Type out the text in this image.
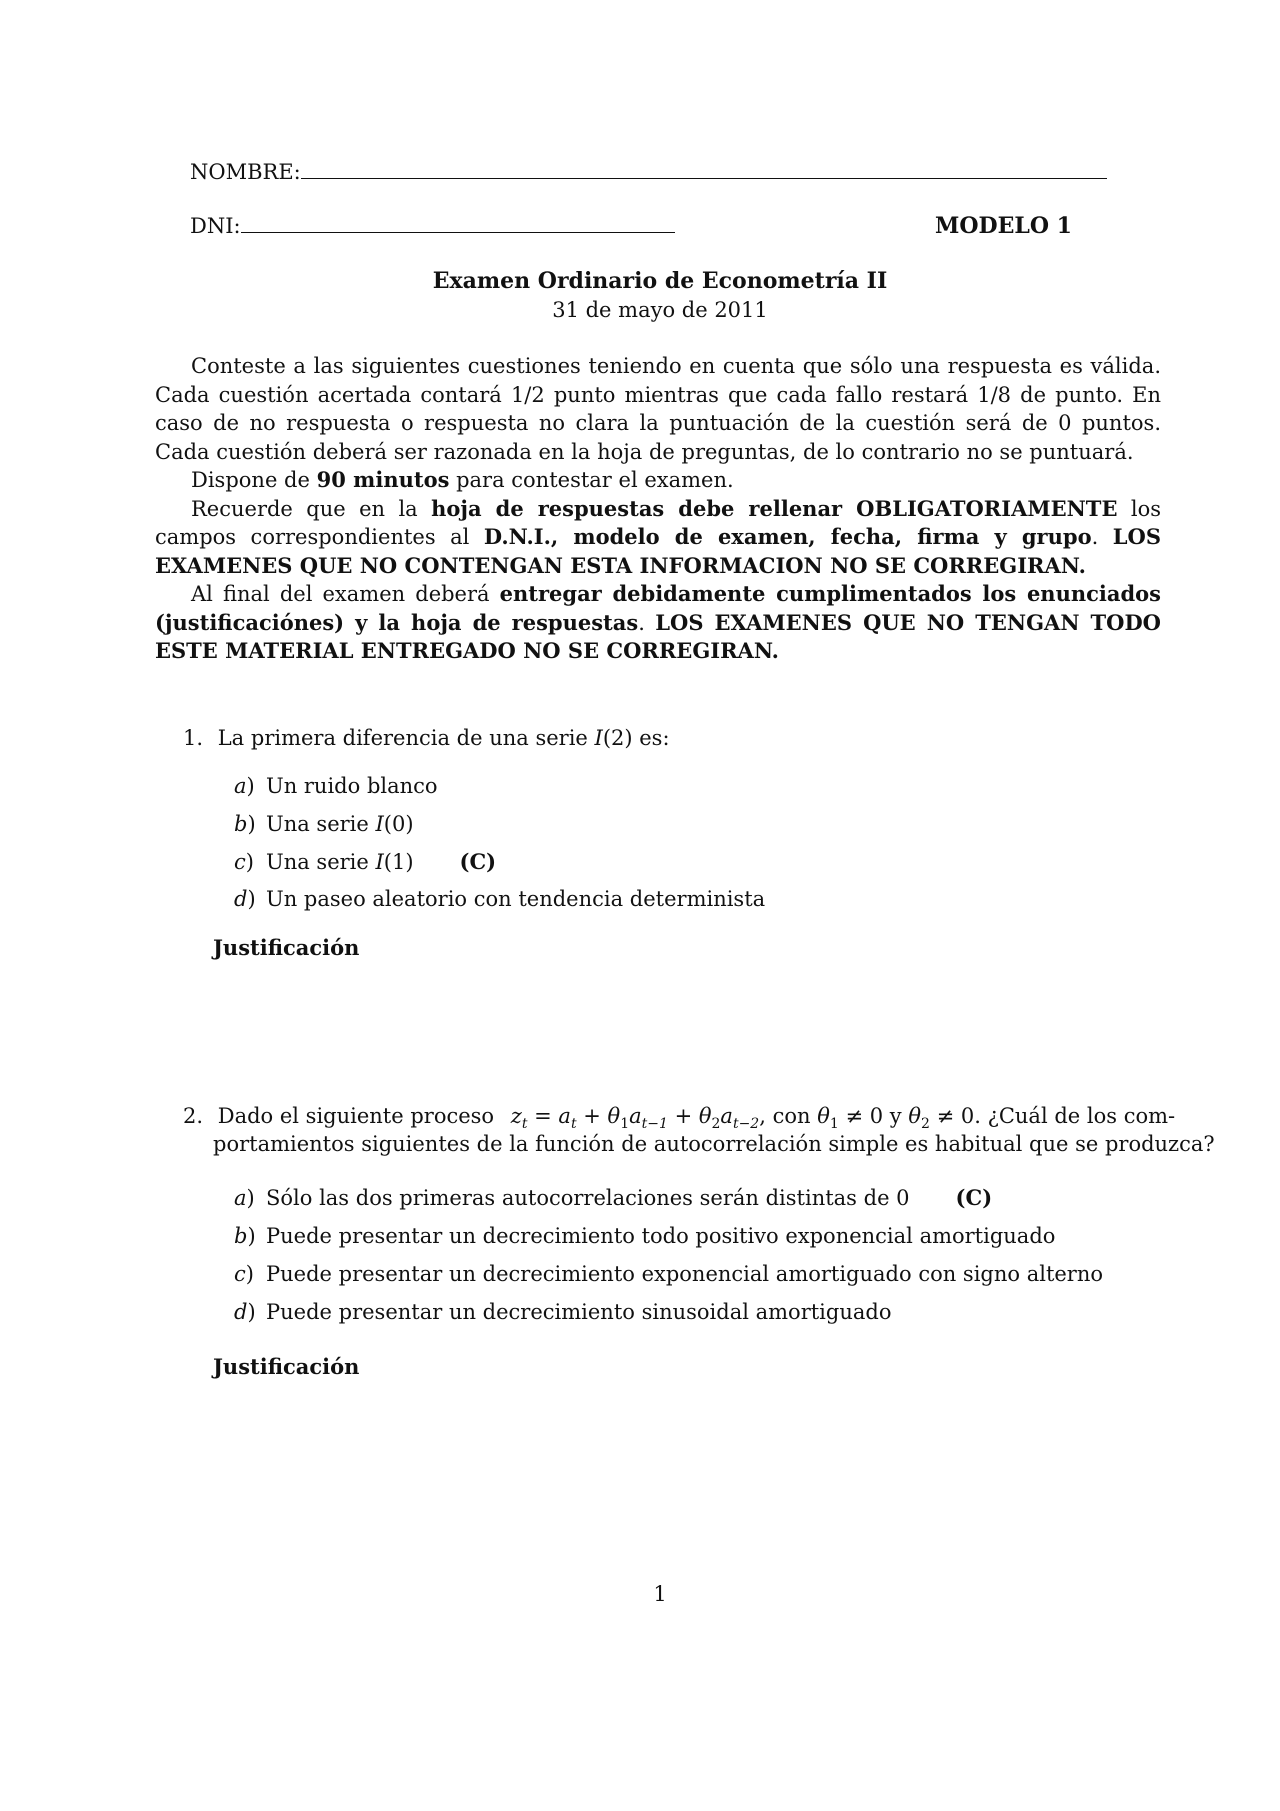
NOMBRE:
DNI:	MODELO 1
Examen Ordinario de Econometría II
31 de mayo de 2011

Conteste a las siguientes cuestiones teniendo en cuenta que sólo una respuesta es válida. Cada cuestión acertada contará 1/2 punto mientras que cada fallo restará 1/8 de punto. En caso de no respuesta o respuesta no clara la puntuación de la cuestión será de 0 puntos. Cada cuestión deberá ser razonada en la hoja de preguntas, de lo contrario no se puntuará.

Dispone de 90 minutos para contestar el examen.

Recuerde que en la hoja de respuestas debe rellenar OBLIGATORIAMENTE los campos correspondientes al D.N.I., modelo de examen, fecha, firma y grupo. LOS EXAMENES QUE NO CONTENGAN ESTA INFORMACION NO SE CORREGIRAN.

Al final del examen deberá entregar debidamente cumplimentados los enunciados (justificaciónes) y la hoja de respuestas. LOS EXAMENES QUE NO TENGAN TODO ESTE MATERIAL ENTREGADO NO SE CORREGIRAN.

1. La primera diferencia de una serie I(2) es:
a) Un ruido blanco
b) Una serie I(0)
c) Una serie I(1) (C)
d) Un paseo aleatorio con tendencia determinista
Justificación
2. Dado el siguiente proceso $z_t = a_t + \theta_1a_{t-1} + \theta_2a_{t-2}$, con $\theta_1 \ne 0$ y $\theta_2 \ne 0$. ¿Cuál de los com-
portamientos siguientes de la función de autocorrelación simple es habitual que se produzca?
a) Sólo las dos primeras autocorrelaciones serán distintas de 0 (C)
b) Puede presentar un decrecimiento todo positivo exponencial amortiguado
c) Puede presentar un decrecimiento exponencial amortiguado con signo alterno
d) Puede presentar un decrecimiento sinusoidal amortiguado
Justificación
1
